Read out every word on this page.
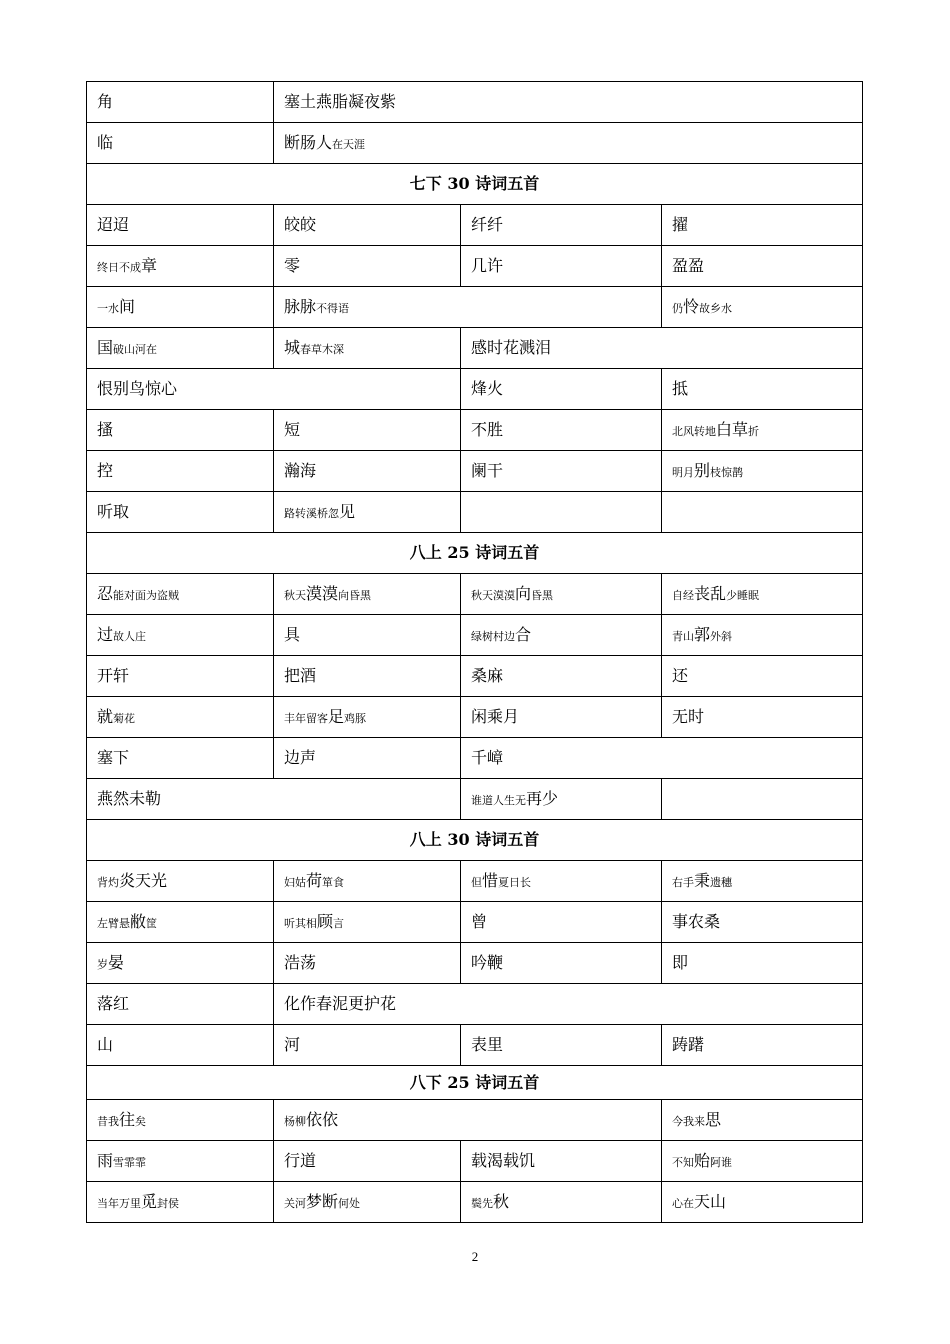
角	塞土燕脂凝夜紫		
临	断肠人在天涯		
七下 30 诗词五首			
迢迢	皎皎	纤纤	擢
终日不成章	零	几许	盈盈
一水间	脉脉不得语		仍怜故乡水
国破山河在	城春草木深	感时花溅泪	
恨别鸟惊心		烽火	抵
搔	短	不胜	北风转地白草折
控	瀚海	阑干	明月别枝惊鹊
听取	路转溪桥忽见		
八上 25 诗词五首			
忍能对面为盗贼	秋天漠漠向昏黑	秋天漠漠向昏黑	自经丧乱少睡眠
过故人庄	具	绿树村边合	青山郭外斜
开轩	把酒	桑麻	还
就菊花	丰年留客足鸡豚	闲乘月	无时
塞下	边声	千嶂	
燕然未勒		谁道人生无再少	
八上 30 诗词五首			
背灼炎天光	妇姑荷箪食	但惜夏日长	右手秉遗穗
左臂悬敝筐	听其相顾言	曾	事农桑
岁晏	浩荡	吟鞭	即
落红	化作春泥更护花		
山	河	表里	踌躇
八下 25 诗词五首			
昔我往矣	杨柳依依		今我来思
雨雪霏霏	行道	载渴载饥	不知贻阿谁
当年万里觅封侯	关河梦断何处	鬓先秋	心在天山
2
